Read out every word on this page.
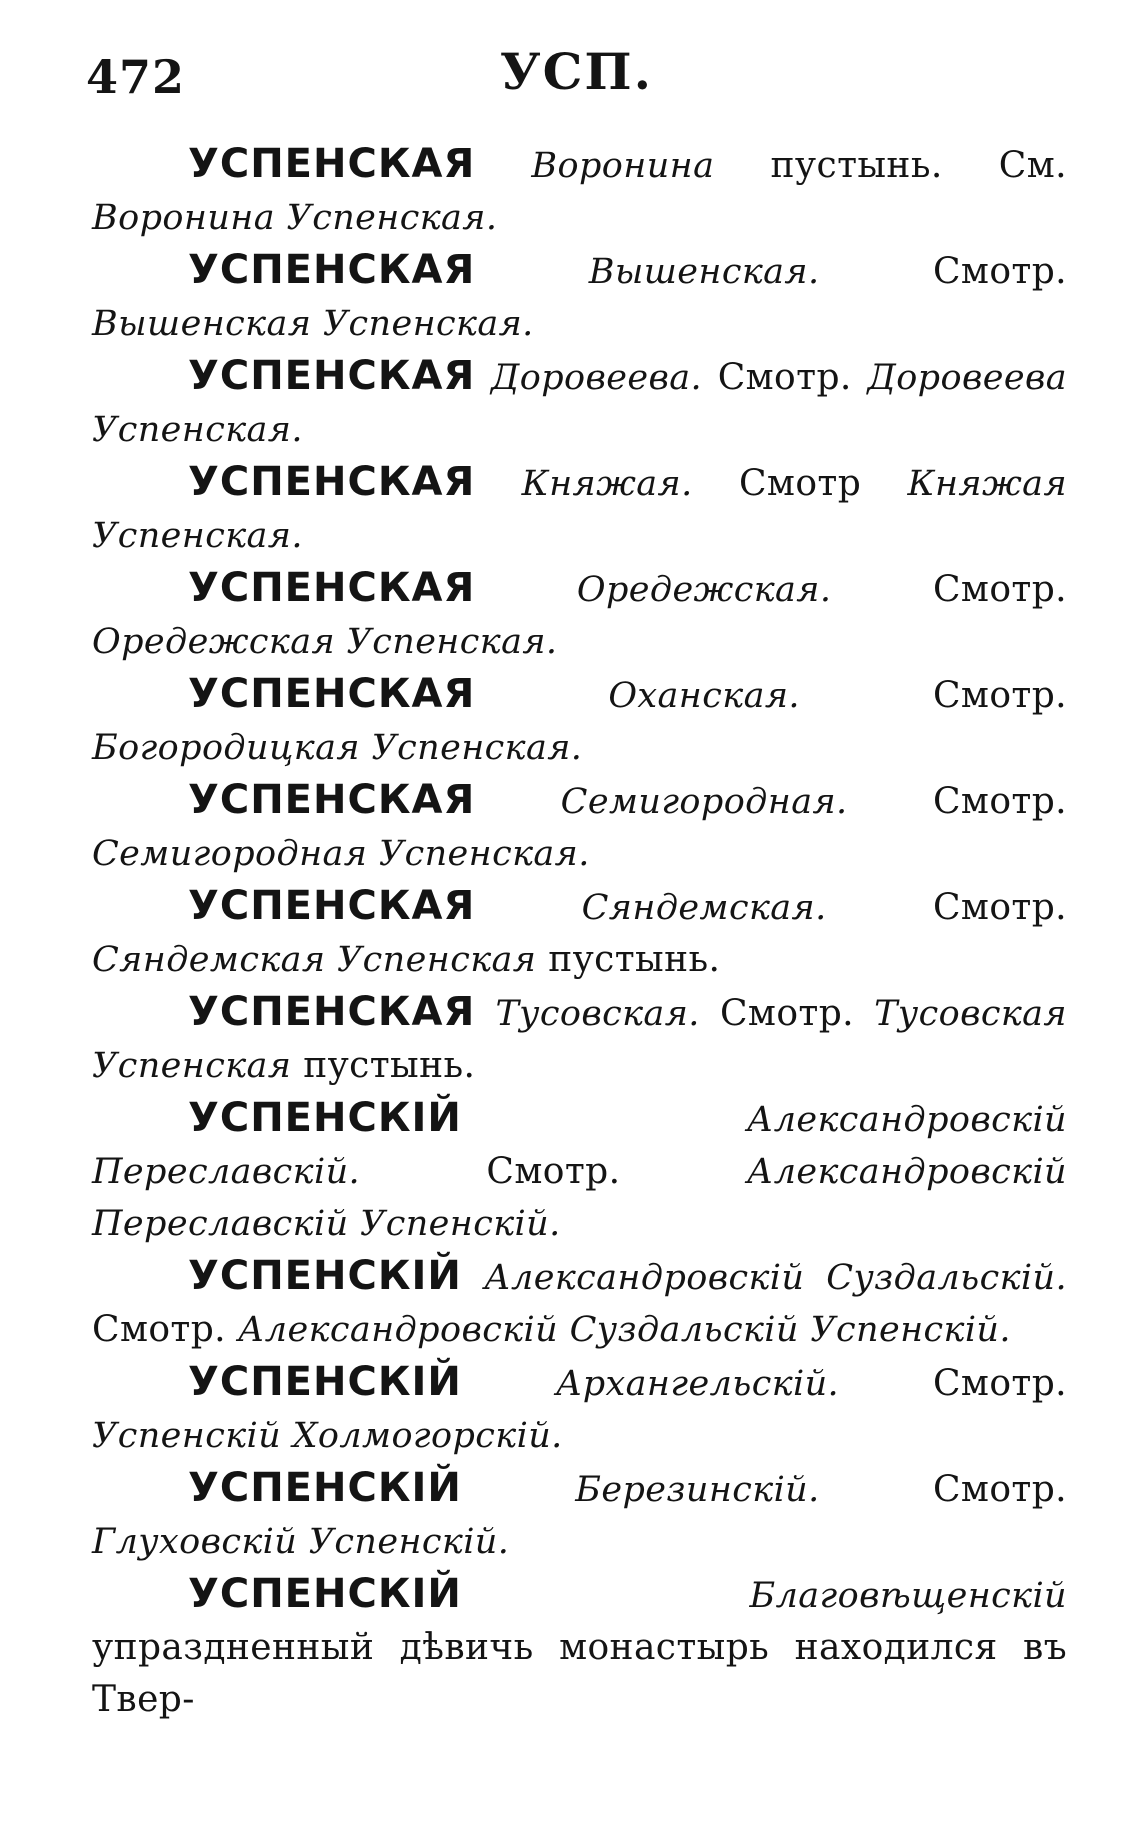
472	УСП.

УСПЕНСКАЯ Воронина пустынь. См. Воронина Успенская.

УСПЕНСКАЯ	Вышенская.	Смотр. Вышенская Успенская.

УСПЕНСКАЯ Доровеева. Смотр. Доровеева Успенская.

УСПЕНСКАЯ Княжая. Смотр Княжая Успенская.

УСПЕНСКАЯ	Оредежская.	Смотр. Оредежская Успенская.

УСПЕНСКАЯ	Оханская.	Смотр. Богородицкая Успенская.

УСПЕНСКАЯ Семигородная. Смотр. Семигородная Успенская.

УСПЕНСКАЯ	Сяндемская.	Смотр. Сяндемская Успенская пустынь.

УСПЕНСКАЯ Тусовская. Смотр. Тусовская Успенская пустынь.

УСПЕНСКІЙ	Александровскій Переславскій.	Смотр.	Александровскій Переславскій Успенскій.

УСПЕНСКІЙ Александровскій Суздальскій. Смотр. Александровскій Суздальскій Успенскій.

УСПЕНСКІЙ	Архангельскій.	Смотр. Успенскій Холмогорскій.

УСПЕНСКІЙ	Березинскій.	Смотр. Глуховскій Успенскій.

УСПЕНСКІЙ	Благовѣщенскій упраздненный дѣвичь монастырь находился въ Твер-
